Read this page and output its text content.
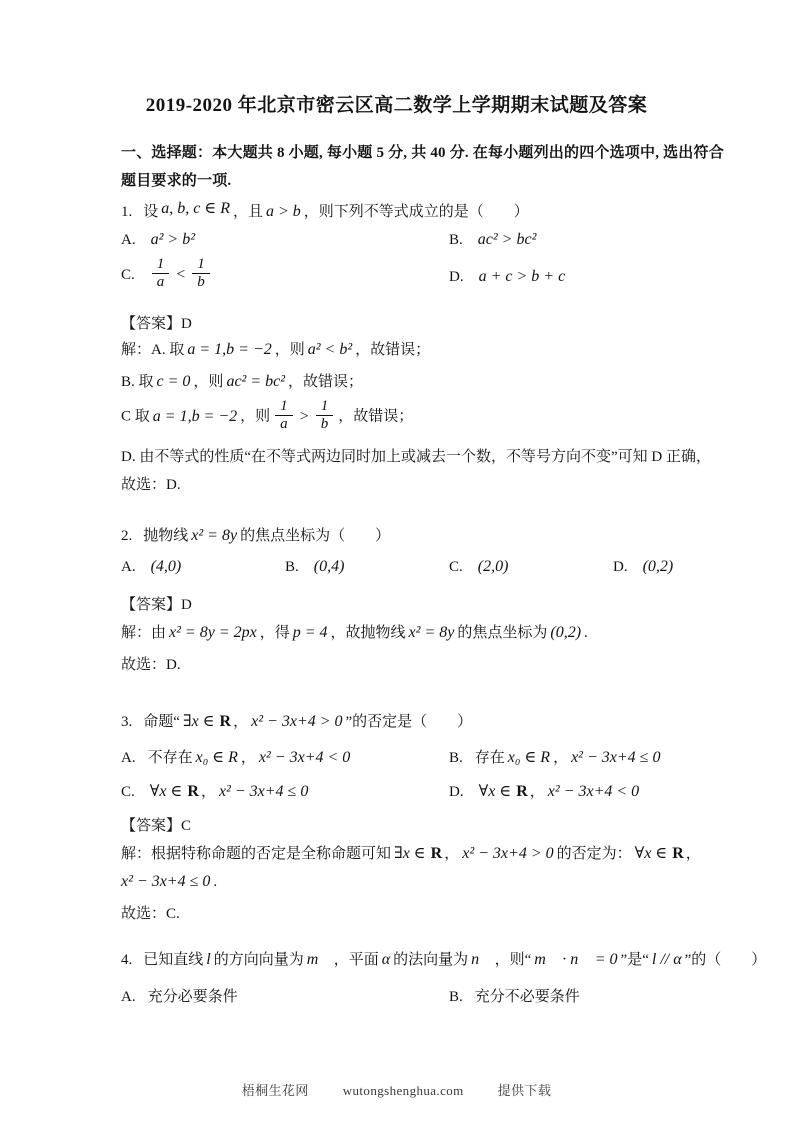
2019-2020 年北京市密云区高二数学上学期期末试题及答案
一、选择题：本大题共 8 小题, 每小题 5 分, 共 40 分. 在每小题列出的四个选项中, 选出符合
题目要求的一项.
1. 设 a, b, c ∈ R ，且 a > b ，则下列不等式成立的是（　　）
A. a² > b²	B. ac² > bc²
C. $\frac{1}{a} < \frac{1}{b}$	D. a + c > b + c
【答案】D
解：A. 取 a = 1,b = −2 ，则 a² < b² ，故错误；
B. 取 c = 0 ，则 ac² = bc² ，故错误；
C 取 a = 1,b = −2 ，则 $\frac{1}{a} > \frac{1}{b}$ ，故错误；
D. 由不等式的性质“在不等式两边同时加上或减去一个数，不等号方向不变”可知 D 正确，
故选：D.
2. 抛物线 x² = 8y 的焦点坐标为（　　）
A. (4,0)	B. (0,4)	C. (2,0)	D. (0,2)
【答案】D
解：由 x² = 8y = 2px ，得 p = 4 ，故抛物线 x² = 8y 的焦点坐标为 (0,2) .
故选：D.
3. 命题“ ∃x ∈ R ， x² − 3x+4 > 0 ”的否定是（　　）
A. 不存在 x₀ ∈ R ， x² − 3x+4 < 0	B. 存在 x₀ ∈ R ， x² − 3x+4 ≤ 0
C. ∀x ∈ R ， x² − 3x+4 ≤ 0	D. ∀x ∈ R ， x² − 3x+4 < 0
【答案】C
解：根据特称命题的否定是全称命题可知 ∃x ∈ R ， x² − 3x+4 > 0 的否定为： ∀x ∈ R ，
x² − 3x+4 ≤ 0 .
故选：C.
4. 已知直线 l 的方向向量为 m⃗ ，平面 α 的法向量为 n⃗ ，则“ m⃗ · n⃗ = 0 ”是“ l // α ”的（　　）
A. 充分必要条件	B. 充分不必要条件
梧桐生花网	wutongshenghua.com	提供下载
